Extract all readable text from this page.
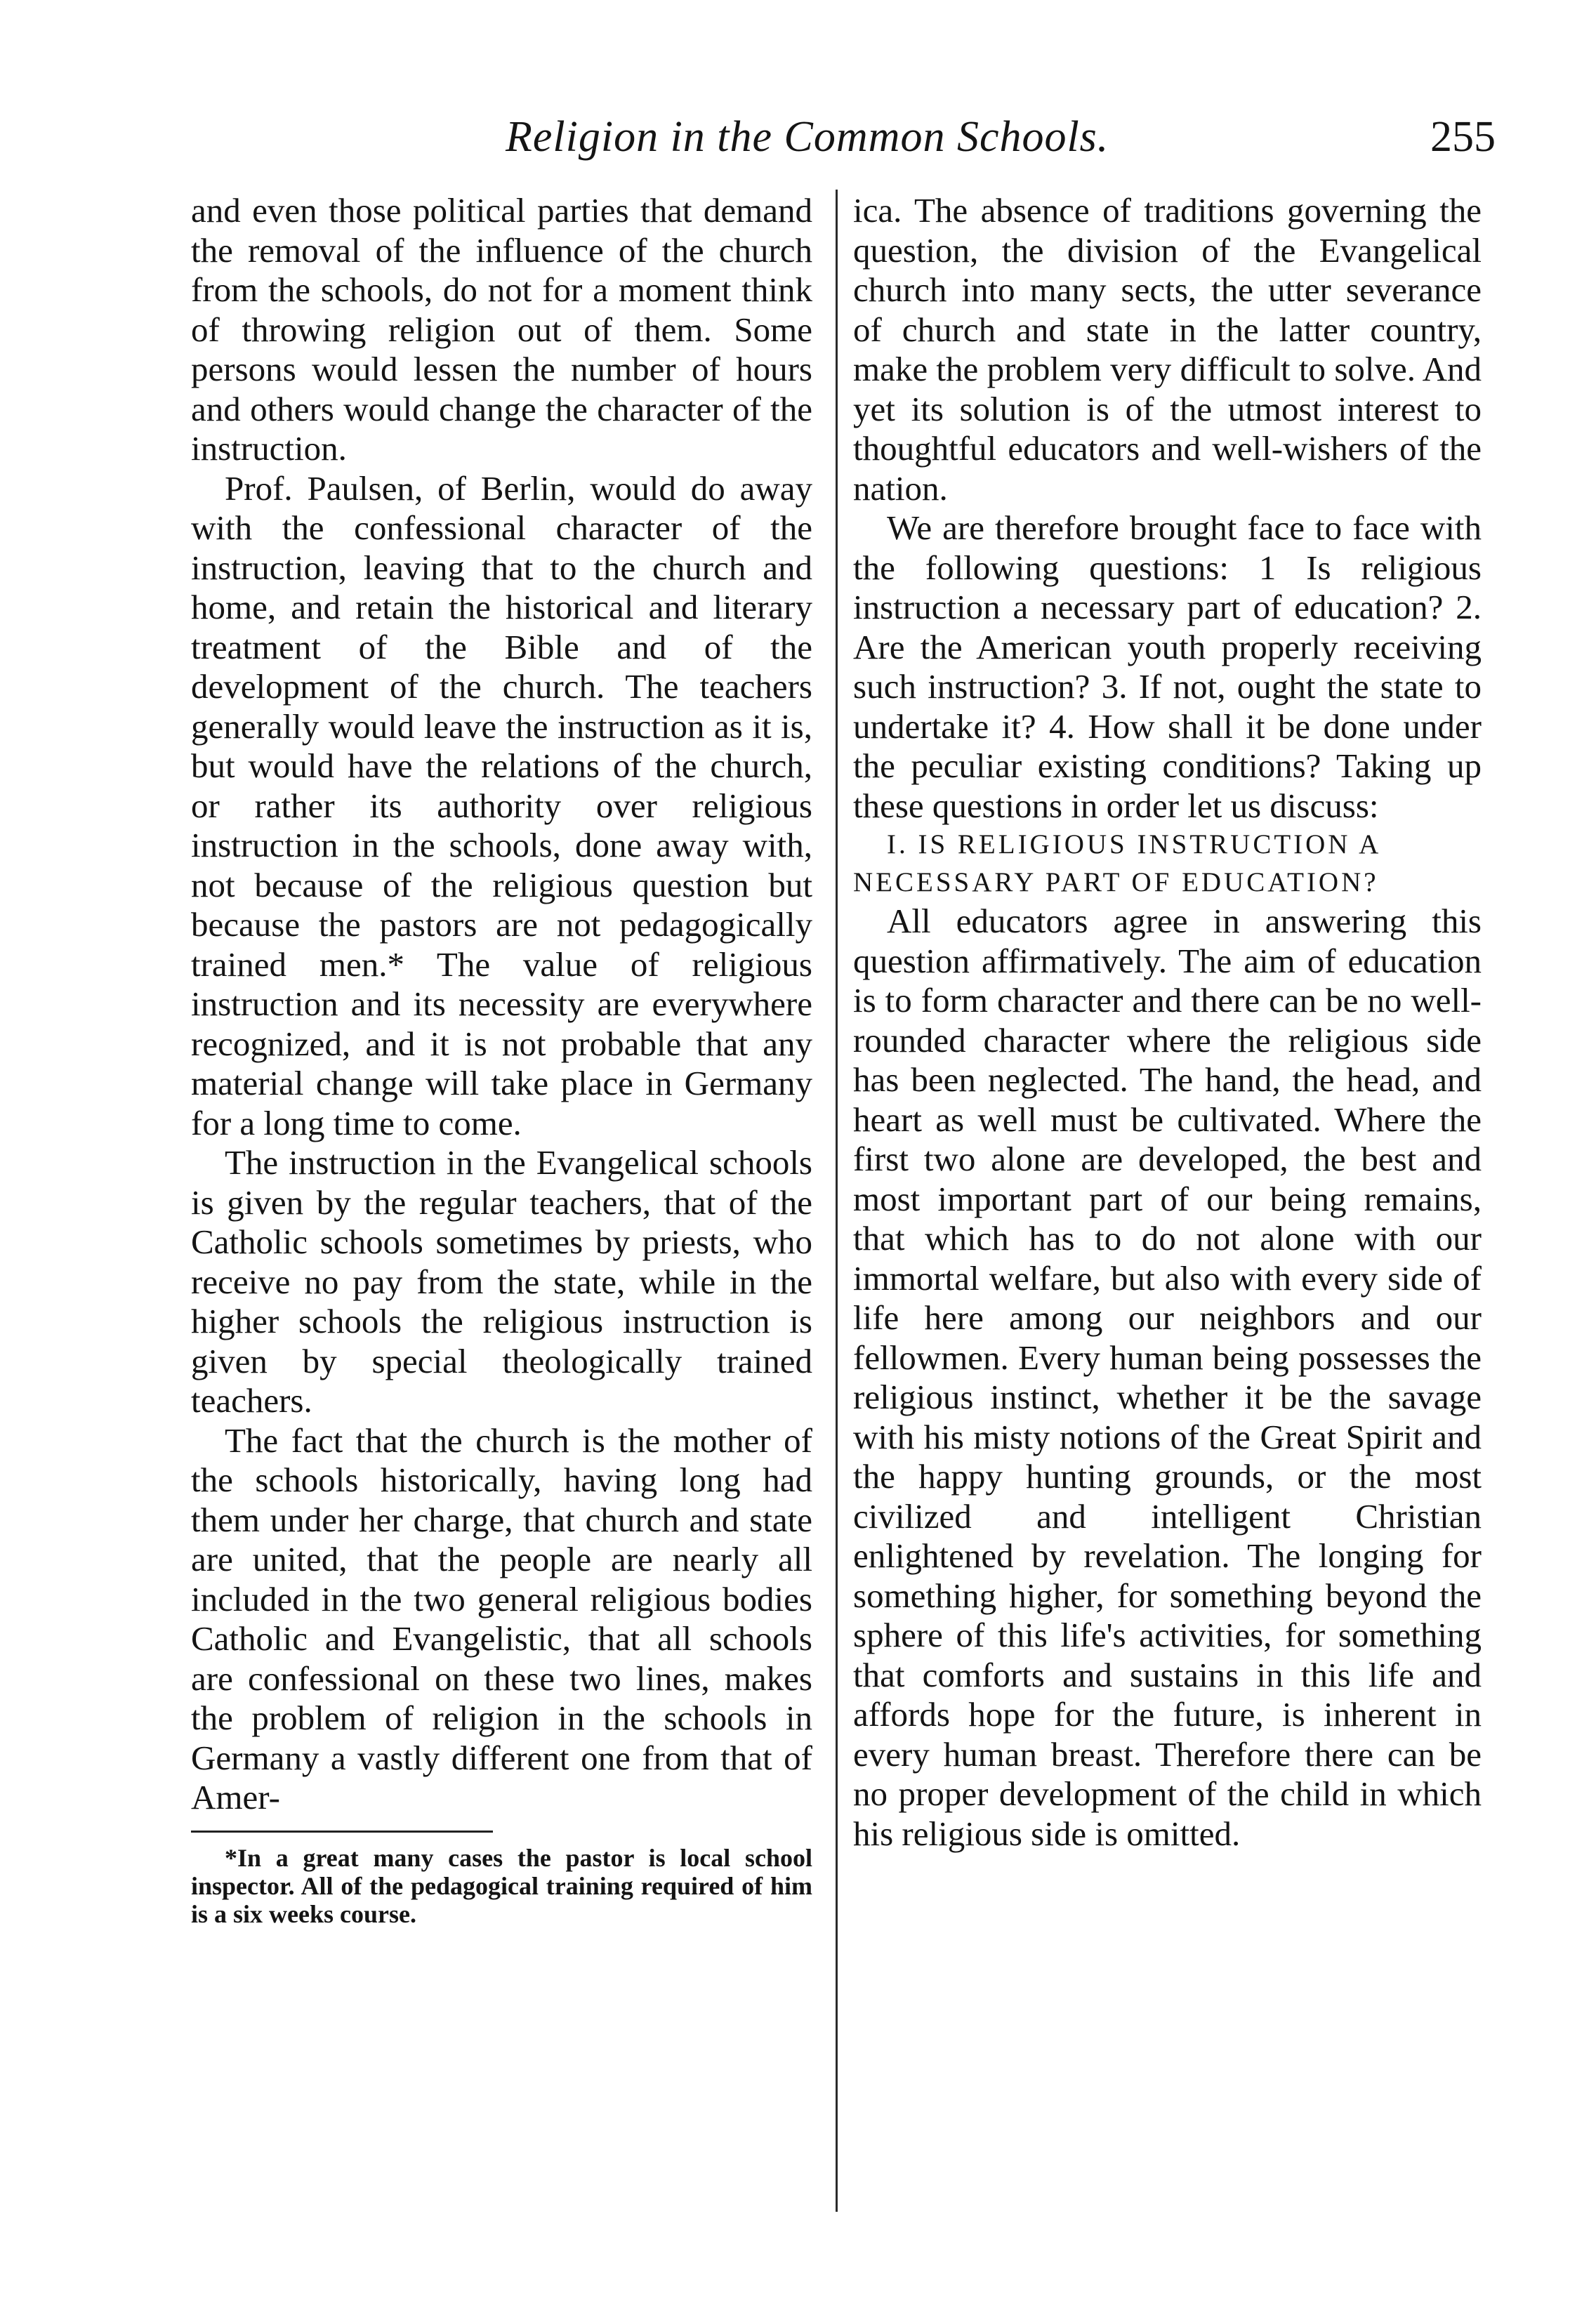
Religion in the Common Schools.	255

and even those political parties that demand the removal of the influence of the church from the schools, do not for a moment think of throwing religion out of them. Some persons would lessen the number of hours and others would change the character of the instruction.

Prof. Paulsen, of Berlin, would do away with the confessional character of the instruction, leaving that to the church and home, and retain the historical and literary treatment of the Bible and of the development of the church. The teachers generally would leave the instruction as it is, but would have the relations of the church, or rather its authority over religious instruction in the schools, done away with, not because of the religious question but because the pastors are not pedagogically trained men.* The value of religious instruction and its necessity are everywhere recognized, and it is not probable that any material change will take place in Germany for a long time to come.

The instruction in the Evangelical schools is given by the regular teachers, that of the Catholic schools sometimes by priests, who receive no pay from the state, while in the higher schools the religious instruction is given by special theologically trained teachers.

The fact that the church is the mother of the schools historically, having long had them under her charge, that church and state are united, that the people are nearly all included in the two general religious bodies Catholic and Evangelistic, that all schools are confessional on these two lines, makes the problem of religion in the schools in Germany a vastly different one from that of Amer-

*In a great many cases the pastor is local school inspector. All of the pedagogical training required of him is a six weeks course.

ica. The absence of traditions governing the question, the division of the Evangelical church into many sects, the utter severance of church and state in the latter country, make the problem very difficult to solve. And yet its solution is of the utmost interest to thoughtful educators and well-wishers of the nation.

We are therefore brought face to face with the following questions: 1 Is religious instruction a necessary part of education? 2. Are the American youth properly receiving such instruction? 3. If not, ought the state to undertake it? 4. How shall it be done under the peculiar existing conditions? Taking up these questions in order let us discuss:

I. IS RELIGIOUS INSTRUCTION A NECESSARY PART OF EDUCATION?

All educators agree in answering this question affirmatively. The aim of education is to form character and there can be no well-rounded character where the religious side has been neglected. The hand, the head, and heart as well must be cultivated. Where the first two alone are developed, the best and most important part of our being remains, that which has to do not alone with our immortal welfare, but also with every side of life here among our neighbors and our fellowmen. Every human being possesses the religious instinct, whether it be the savage with his misty notions of the Great Spirit and the happy hunting grounds, or the most civilized and intelligent Christian enlightened by revelation. The longing for something higher, for something beyond the sphere of this life's activities, for something that comforts and sustains in this life and affords hope for the future, is inherent in every human breast. Therefore there can be no proper development of the child in which his religious side is omitted.
